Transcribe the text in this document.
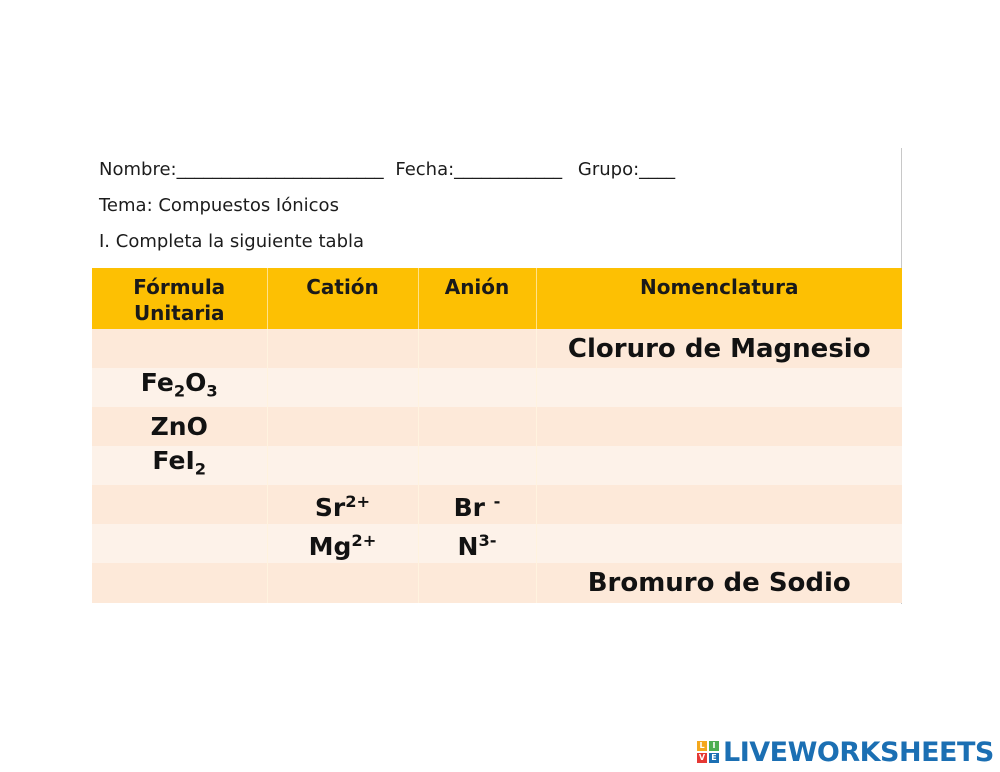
Nombre:_______________________ Fecha:____________ Grupo:____
Tema: Compuestos Iónicos
I. Completa la siguiente tabla
Fórmula Unitaria	Catión	Anión	Nomenclatura
			Cloruro de Magnesio
$Fe_2O_3$			
ZnO			
FeI$_2$			
	$Sr^{2+}$	Br -	
	$Mg^{2+}$	$N^{3-}$	
			Bromuro de Sodio
L I
V E LIVEWORKSHEETS
